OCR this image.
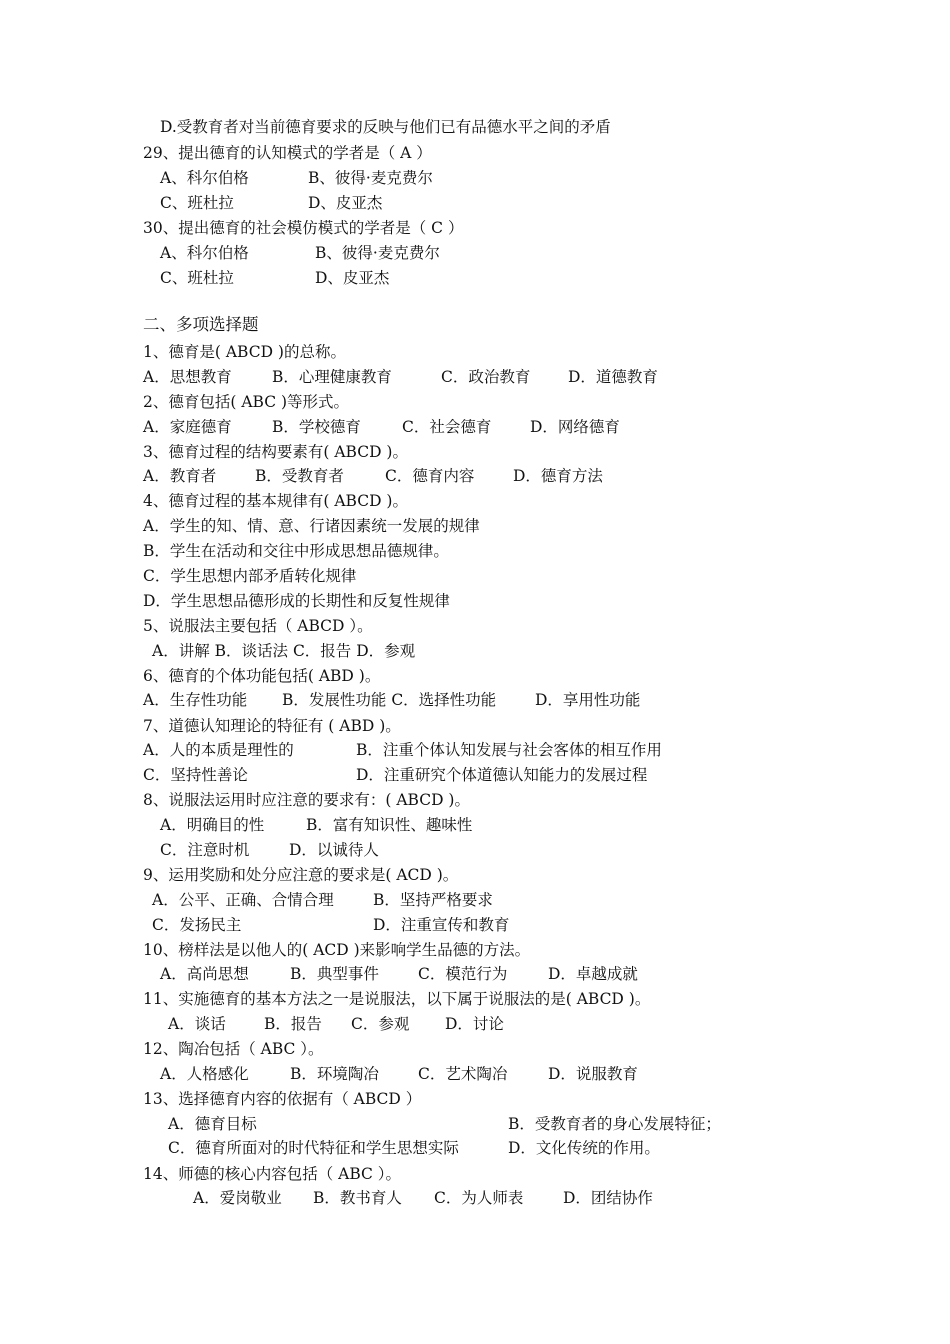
D.受教育者对当前德育要求的反映与他们已有品德水平之间的矛盾
29、提出德育的认知模式的学者是（ A ）
A、科尔伯格	B、彼得·麦克费尔
C、班杜拉	D、皮亚杰
30、提出德育的社会模仿模式的学者是（ C ）
A、科尔伯格	B、彼得·麦克费尔
C、班杜拉	D、皮亚杰
二、多项选择题
1、德育是( ABCD )的总称。
A．思想教育	B．心理健康教育	C．政治教育 D．道德教育
2、德育包括( ABC )等形式。
A．家庭德育	B．学校德育	C．社会德育 D．网络德育
3、德育过程的结构要素有( ABCD )。
A．教育者	B．受教育者	C．德育内容 D．德育方法
4、德育过程的基本规律有( ABCD )。
A．学生的知、情、意、行诸因素统一发展的规律
B．学生在活动和交往中形成思想品德规律。
C．学生思想内部矛盾转化规律
D．学生思想品德形成的长期性和反复性规律
5、说服法主要包括（ ABCD ）。
A．讲解 B．谈话法 C．报告 D．参观
6、德育的个体功能包括( ABD )。
A．生存性功能 B．发展性功能 C．选择性功能	D．享用性功能
7、道德认知理论的特征有 ( ABD )。
A．人的本质是理性的	B．注重个体认知发展与社会客体的相互作用
C．坚持性善论	D．注重研究个体道德认知能力的发展过程
8、说服法运用时应注意的要求有：( ABCD )。
A．明确目的性	B．富有知识性、趣味性
C．注意时机	D．以诚待人
9、运用奖励和处分应注意的要求是( ACD )。
A．公平、正确、合情合理	B．坚持严格要求
C．发扬民主	D．注重宣传和教育
10、榜样法是以他人的( ACD )来影响学生品德的方法。
A．高尚思想	B．典型事件	C．模范行为	D．卓越成就
11、实施德育的基本方法之一是说服法，以下属于说服法的是( ABCD )。
A．谈话 B．报告 C．参观 D．讨论
12、陶冶包括（ ABC ）。
A．人格感化	B．环境陶冶	C．艺术陶冶	D．说服教育
13、选择德育内容的依据有（ ABCD ）
A．德育目标	B．受教育者的身心发展特征；
C．德育所面对的时代特征和学生思想实际	D．文化传统的作用。
14、师德的核心内容包括（ ABC ）。
A．爱岗敬业 B．教书育人 C．为人师表	D．团结协作
